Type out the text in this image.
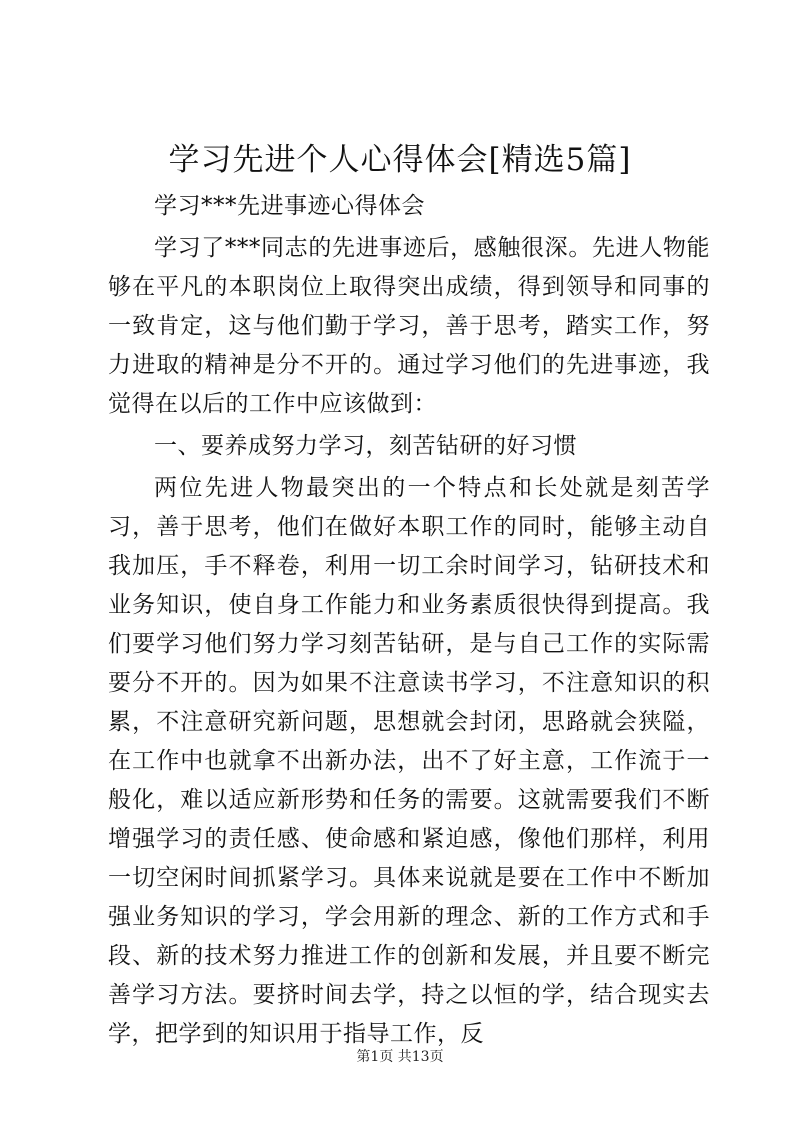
学习先进个人心得体会[精选5篇]

学习***先进事迹心得体会

学习了***同志的先进事迹后，感触很深。先进人物能够在平凡的本职岗位上取得突出成绩，得到领导和同事的一致肯定，这与他们勤于学习，善于思考，踏实工作，努力进取的精神是分不开的。通过学习他们的先进事迹，我觉得在以后的工作中应该做到：

一、要养成努力学习，刻苦钻研的好习惯

两位先进人物最突出的一个特点和长处就是刻苦学习，善于思考，他们在做好本职工作的同时，能够主动自我加压，手不释卷，利用一切工余时间学习，钻研技术和业务知识，使自身工作能力和业务素质很快得到提高。我们要学习他们努力学习刻苦钻研，是与自己工作的实际需要分不开的。因为如果不注意读书学习，不注意知识的积累，不注意研究新问题，思想就会封闭，思路就会狭隘，在工作中也就拿不出新办法，出不了好主意，工作流于一般化，难以适应新形势和任务的需要。这就需要我们不断增强学习的责任感、使命感和紧迫感，像他们那样，利用一切空闲时间抓紧学习。具体来说就是要在工作中不断加强业务知识的学习，学会用新的理念、新的工作方式和手段、新的技术努力推进工作的创新和发展，并且要不断完善学习方法。要挤时间去学，持之以恒的学，结合现实去学，把学到的知识用于指导工作，反

第1页 共13页
